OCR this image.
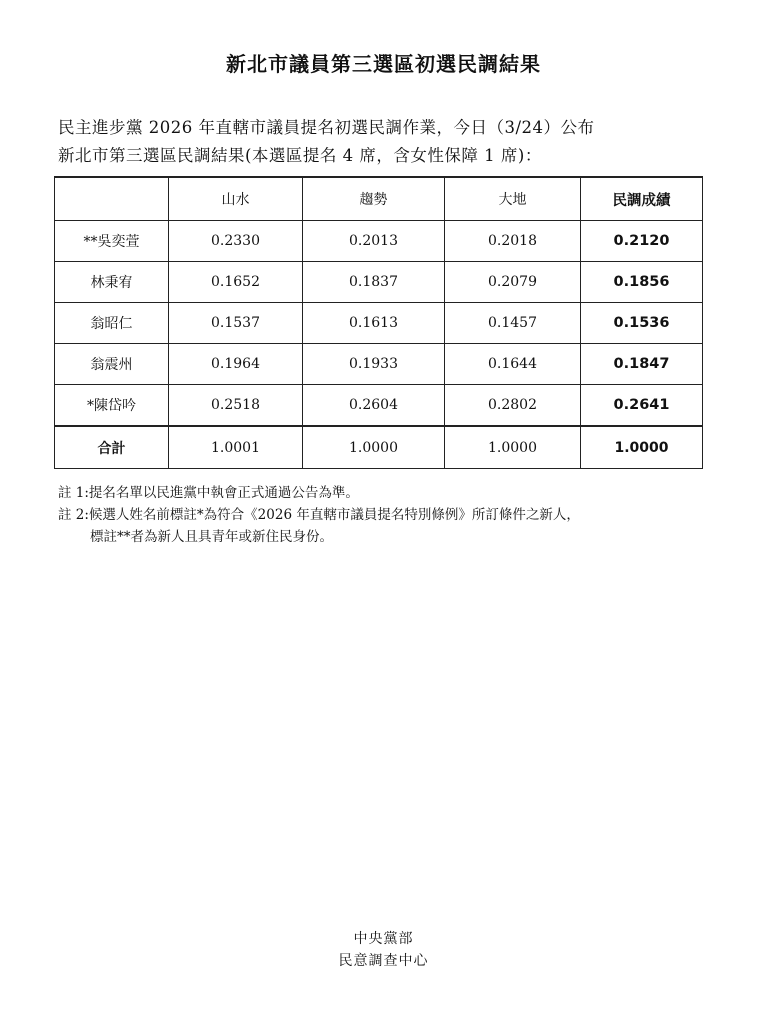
新北市議員第三選區初選民調結果
民主進步黨 2026 年直轄市議員提名初選民調作業，今日（3/24）公布
新北市第三選區民調結果(本選區提名 4 席，含女性保障 1 席)：
	山水	趨勢	大地	民調成績
**吳奕萱	0.2330	0.2013	0.2018	0.2120
林秉宥	0.1652	0.1837	0.2079	0.1856
翁昭仁	0.1537	0.1613	0.1457	0.1536
翁震州	0.1964	0.1933	0.1644	0.1847
*陳岱吟	0.2518	0.2604	0.2802	0.2641
合計	1.0001	1.0000	1.0000	1.0000
註 1:提名名單以民進黨中執會正式通過公告為準。
註 2:候選人姓名前標註*為符合《2026 年直轄市議員提名特別條例》所訂條件之新人，
標註**者為新人且具青年或新住民身份。
中央黨部
民意調查中心
